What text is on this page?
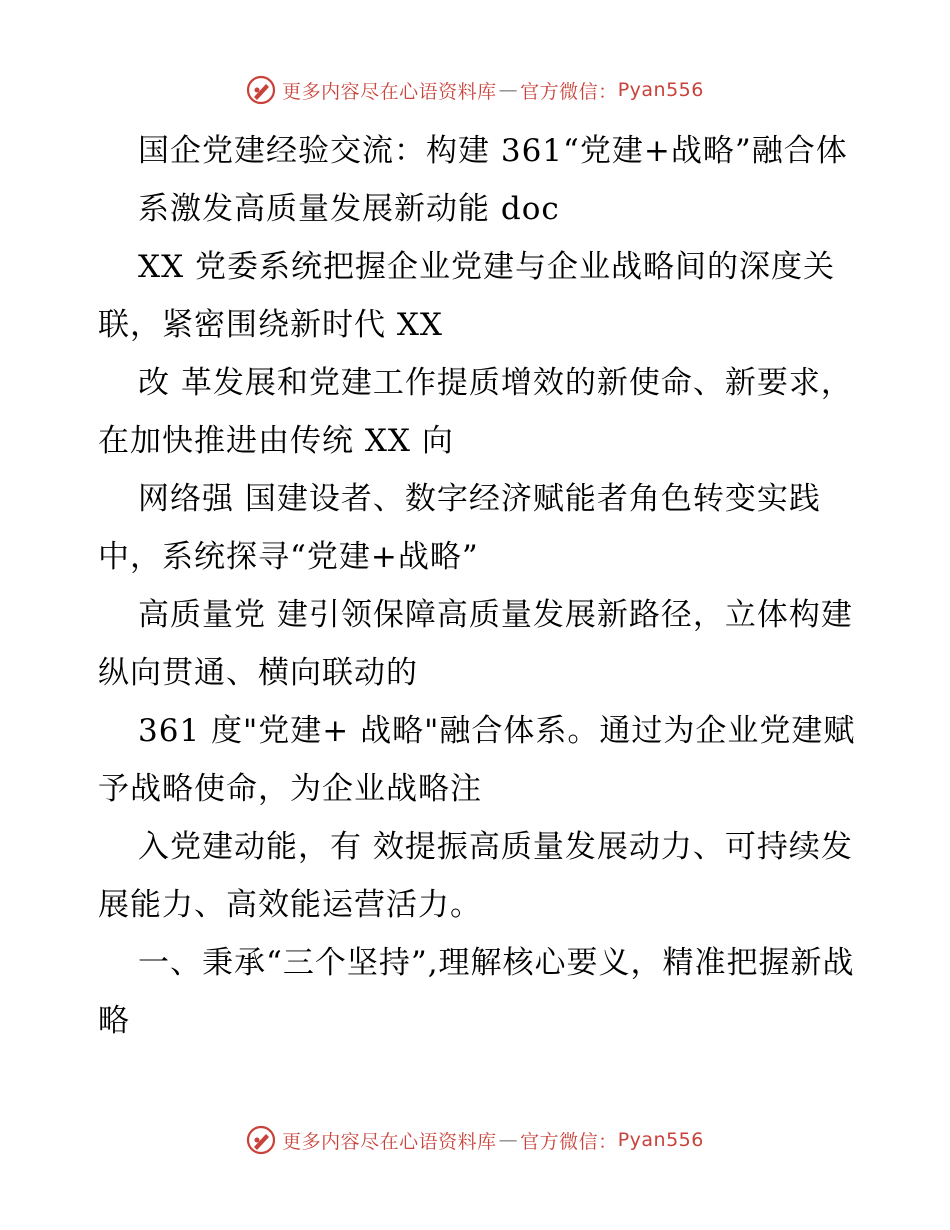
更多内容尽在心语资料库 — 官方微信： Pyan556

国企党建经验交流：构建 361“党建+战略”融合体

系激发高质量发展新动能 doc

XX 党委系统把握企业党建与企业战略间的深度关联，紧密围绕新时代 XX

改 革发展和党建工作提质增效的新使命、新要求，在加快推进由传统 XX 向

网络强 国建设者、数字经济赋能者角色转变实践中，系统探寻“党建+战略”

高质量党 建引领保障高质量发展新路径，立体构建纵向贯通、横向联动的

361 度"党建+ 战略"融合体系。通过为企业党建赋予战略使命，为企业战略注

入党建动能，有 效提振高质量发展动力、可持续发展能力、高效能运营活力。

一、秉承“三个坚持”,理解核心要义，精准把握新战略

更多内容尽在心语资料库 — 官方微信： Pyan556
